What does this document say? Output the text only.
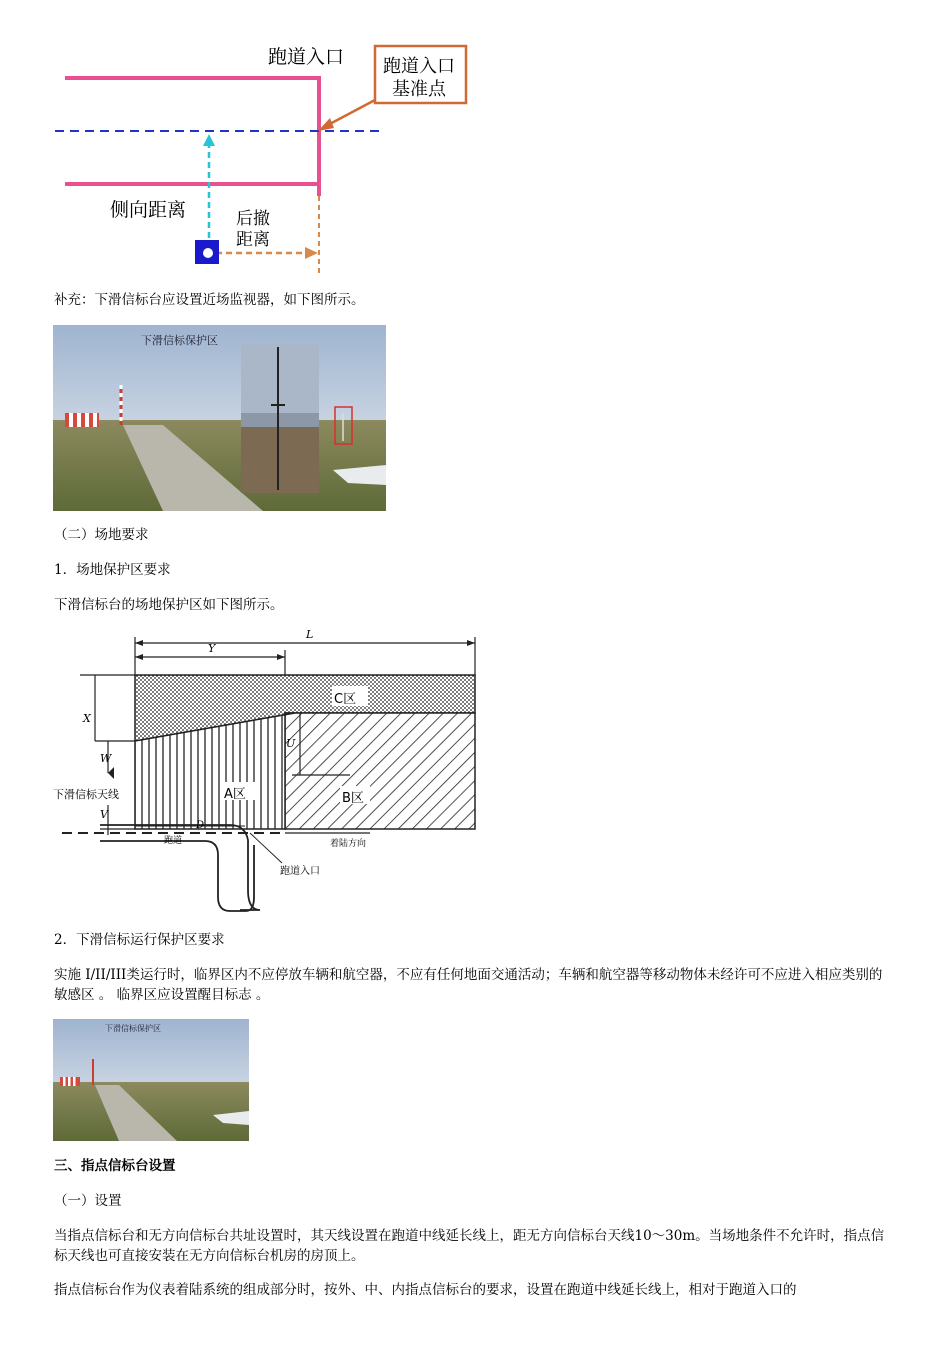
跑道入口 跑道入口
基准点
侧向距离	后撤
距离
补充：下滑信标台应设置近场监视器，如下图所示。
下滑信标保护区
（二）场地要求
1．场地保护区要求
下滑信标台的场地保护区如下图所示。
L
Y
X
W
U
V
D
C区
A区	B区
下滑信标天线
跑道	着陆方向
跑道入口
2．下滑信标运行保护区要求
实施 I/II/III类运行时，临界区内不应停放车辆和航空器，不应有任何地面交通活动；车辆和航空器等移动物体未经许可不应进入相应类别的敏感区 。 临界区应设置醒目标志 。
下滑信标保护区
三、指点信标台设置
（一）设置
当指点信标台和无方向信标台共址设置时，其天线设置在跑道中线延长线上，距无方向信标台天线10～30m。当场地条件不允许时，指点信标天线也可直接安装在无方向信标台机房的房顶上。
指点信标台作为仪表着陆系统的组成部分时，按外、中、内指点信标台的要求，设置在跑道中线延长线上，相对于跑道入口的
